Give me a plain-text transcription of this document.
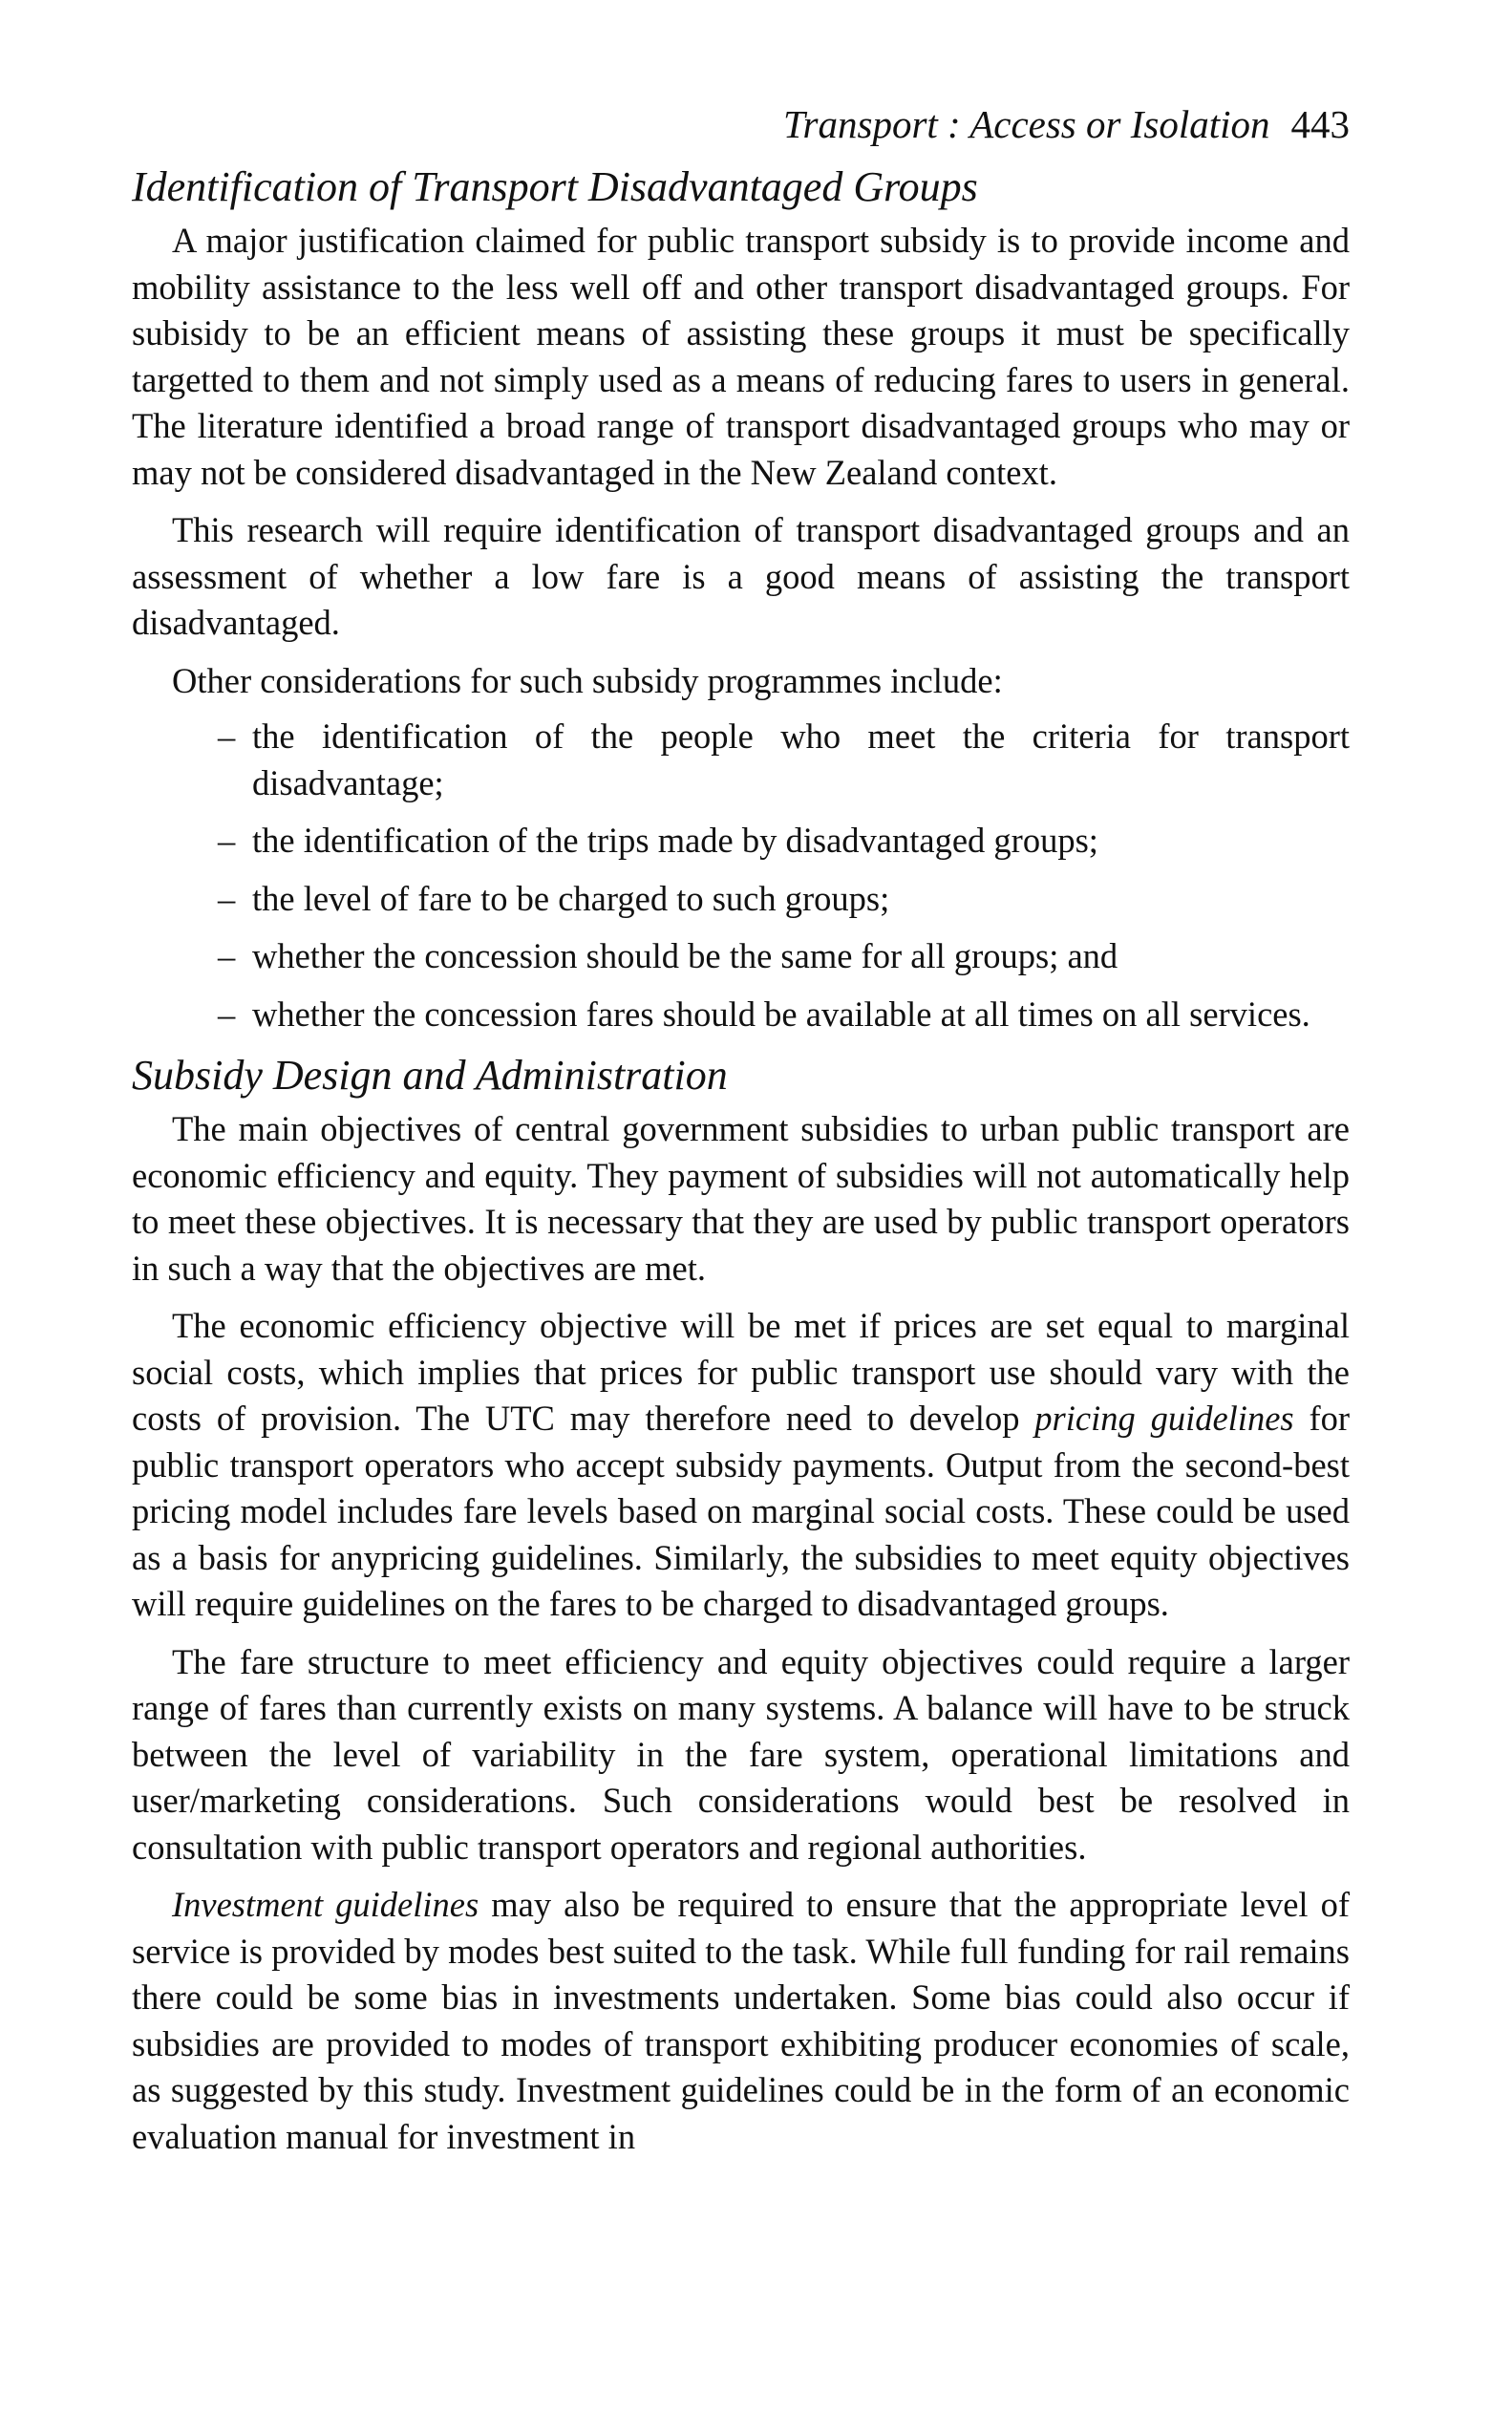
Transport : Access or Isolation 443
Identification of Transport Disadvantaged Groups

A major justification claimed for public transport subsidy is to provide income and mobility assistance to the less well off and other transport disadvantaged groups. For subisidy to be an efficient means of assisting these groups it must be specifically targetted to them and not simply used as a means of reducing fares to users in general. The literature identified a broad range of transport disadvantaged groups who may or may not be considered disadvantaged in the New Zealand context.

This research will require identification of transport disadvantaged groups and an assessment of whether a low fare is a good means of assisting the transport disadvantaged.

Other considerations for such subsidy programmes include:

– the identification of the people who meet the criteria for transport disadvantage;
– the identification of the trips made by disadvantaged groups;
– the level of fare to be charged to such groups;
– whether the concession should be the same for all groups; and
– whether the concession fares should be available at all times on all services.
Subsidy Design and Administration

The main objectives of central government subsidies to urban public transport are economic efficiency and equity. They payment of subsidies will not automatically help to meet these objectives. It is necessary that they are used by public transport operators in such a way that the objectives are met.

The economic efficiency objective will be met if prices are set equal to marginal social costs, which implies that prices for public transport use should vary with the costs of provision. The UTC may therefore need to develop pricing guidelines for public transport operators who accept subsidy payments. Output from the second-best pricing model includes fare levels based on marginal social costs. These could be used as a basis for anypricing guidelines. Similarly, the subsidies to meet equity objectives will require guidelines on the fares to be charged to disadvantaged groups.

The fare structure to meet efficiency and equity objectives could require a larger range of fares than currently exists on many systems. A balance will have to be struck between the level of variability in the fare system, operational limitations and user/marketing considerations. Such considerations would best be resolved in consultation with public transport operators and regional authorities.

Investment guidelines may also be required to ensure that the appropriate level of service is provided by modes best suited to the task. While full funding for rail remains there could be some bias in investments undertaken. Some bias could also occur if subsidies are provided to modes of transport exhibiting producer economies of scale, as suggested by this study. Investment guidelines could be in the form of an economic evaluation manual for investment in
